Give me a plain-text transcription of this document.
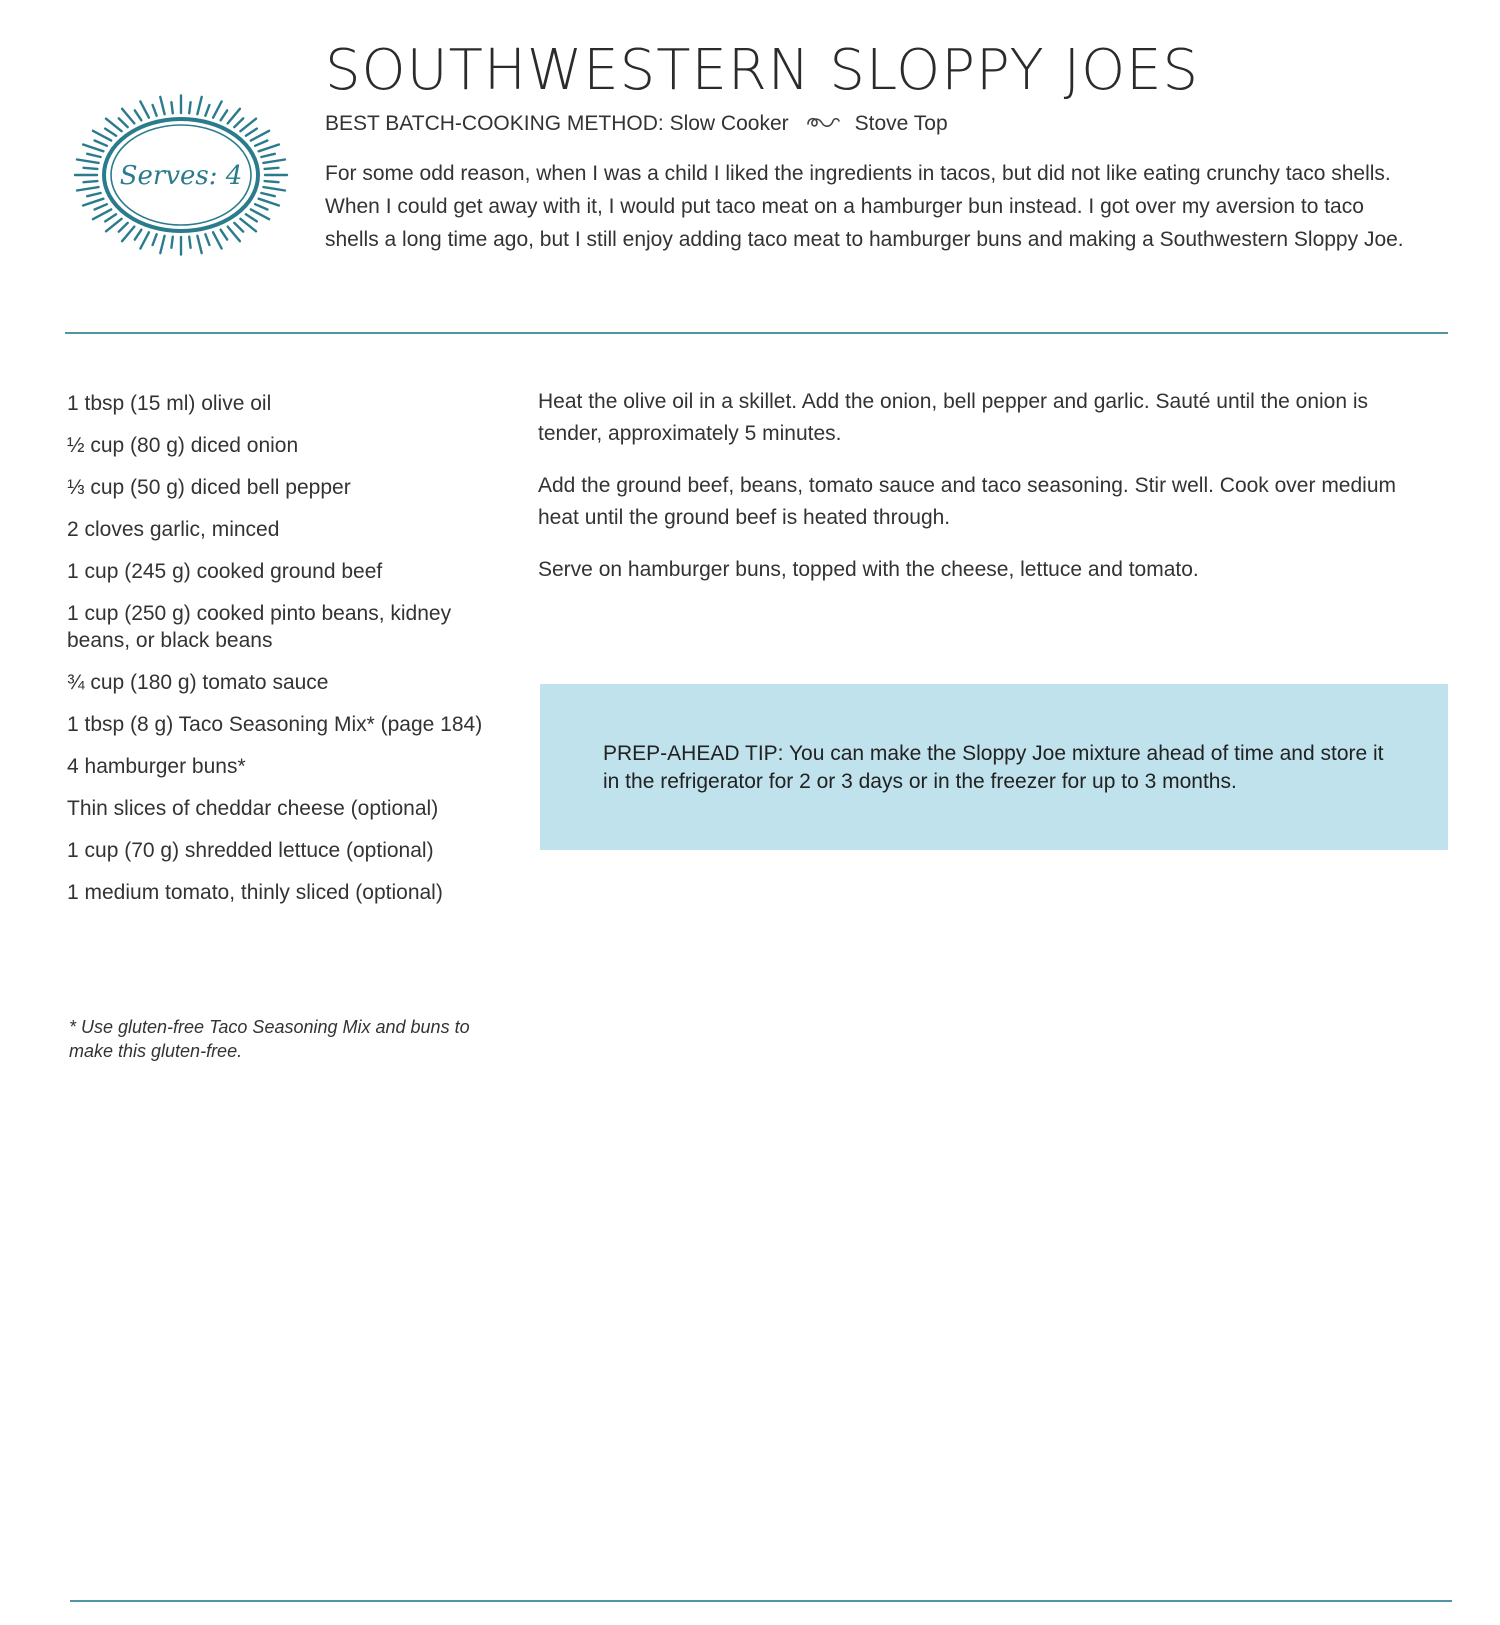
Serves: 4
SOUTHWESTERN SLOPPY JOES
BEST BATCH-COOKING METHOD: Slow Cooker	Stove Top

For some odd reason, when I was a child I liked the ingredients in tacos, but did not like eating crunchy taco shells. When I could get away with it, I would put taco meat on a hamburger bun instead. I got over my aversion to taco shells a long time ago, but I still enjoy adding taco meat to hamburger buns and making a Southwestern Sloppy Joe.

1 tbsp (15 ml) olive oil
½ cup (80 g) diced onion
⅓ cup (50 g) diced bell pepper
2 cloves garlic, minced
1 cup (245 g) cooked ground beef
1 cup (250 g) cooked pinto beans, kidney beans, or black beans
¾ cup (180 g) tomato sauce
1 tbsp (8 g) Taco Seasoning Mix* (page 184)
4 hamburger buns*
Thin slices of cheddar cheese (optional)
1 cup (70 g) shredded lettuce (optional)
1 medium tomato, thinly sliced (optional)

* Use gluten-free Taco Seasoning Mix and buns to make this gluten-free.

Heat the olive oil in a skillet. Add the onion, bell pepper and garlic. Sauté until the onion is tender, approximately 5 minutes.

Add the ground beef, beans, tomato sauce and taco seasoning. Stir well. Cook over medium heat until the ground beef is heated through.

Serve on hamburger buns, topped with the cheese, lettuce and tomato.

PREP-AHEAD TIP: You can make the Sloppy Joe mixture ahead of time and store it in the refrigerator for 2 or 3 days or in the freezer for up to 3 months.
